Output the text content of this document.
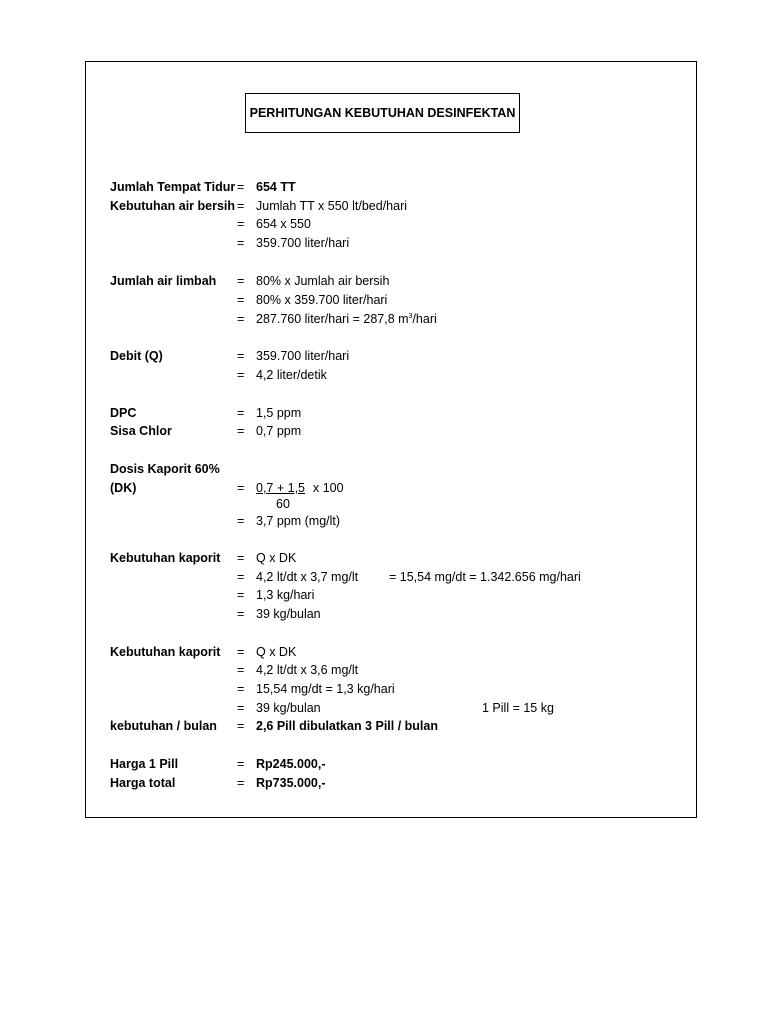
PERHITUNGAN KEBUTUHAN DESINFEKTAN
Jumlah Tempat Tidur = 654 TT
Kebutuhan air bersih = Jumlah TT x 550 lt/bed/hari
= 654 x 550
= 359.700 liter/hari
Jumlah air limbah = 80% x Jumlah air bersih
= 80% x 359.700 liter/hari
= 287.760 liter/hari = 287,8 $m^3$/hari
Debit (Q)	= 359.700 liter/hari
= 4,2 liter/detik
DPC	= 1,5 ppm
Sisa Chlor	= 0,7 ppm
Dosis Kaporit 60%
(DK)	= 0,7 + 1,5 x 100
60
= 3,7 ppm (mg/lt)
Kebutuhan kaporit = Q x DK
= 4,2 lt/dt x 3,7 mg/lt = 15,54 mg/dt = 1.342.656 mg/hari
= 1,3 kg/hari
= 39 kg/bulan
Kebutuhan kaporit = Q x DK
= 4,2 lt/dt x 3,6 mg/lt
= 15,54 mg/dt = 1,3 kg/hari
= 39 kg/bulan	1 Pill = 15 kg
kebutuhan / bulan = 2,6 Pill dibulatkan 3 Pill / bulan
Harga 1 Pill	= Rp245.000,-
Harga total	= Rp735.000,-
